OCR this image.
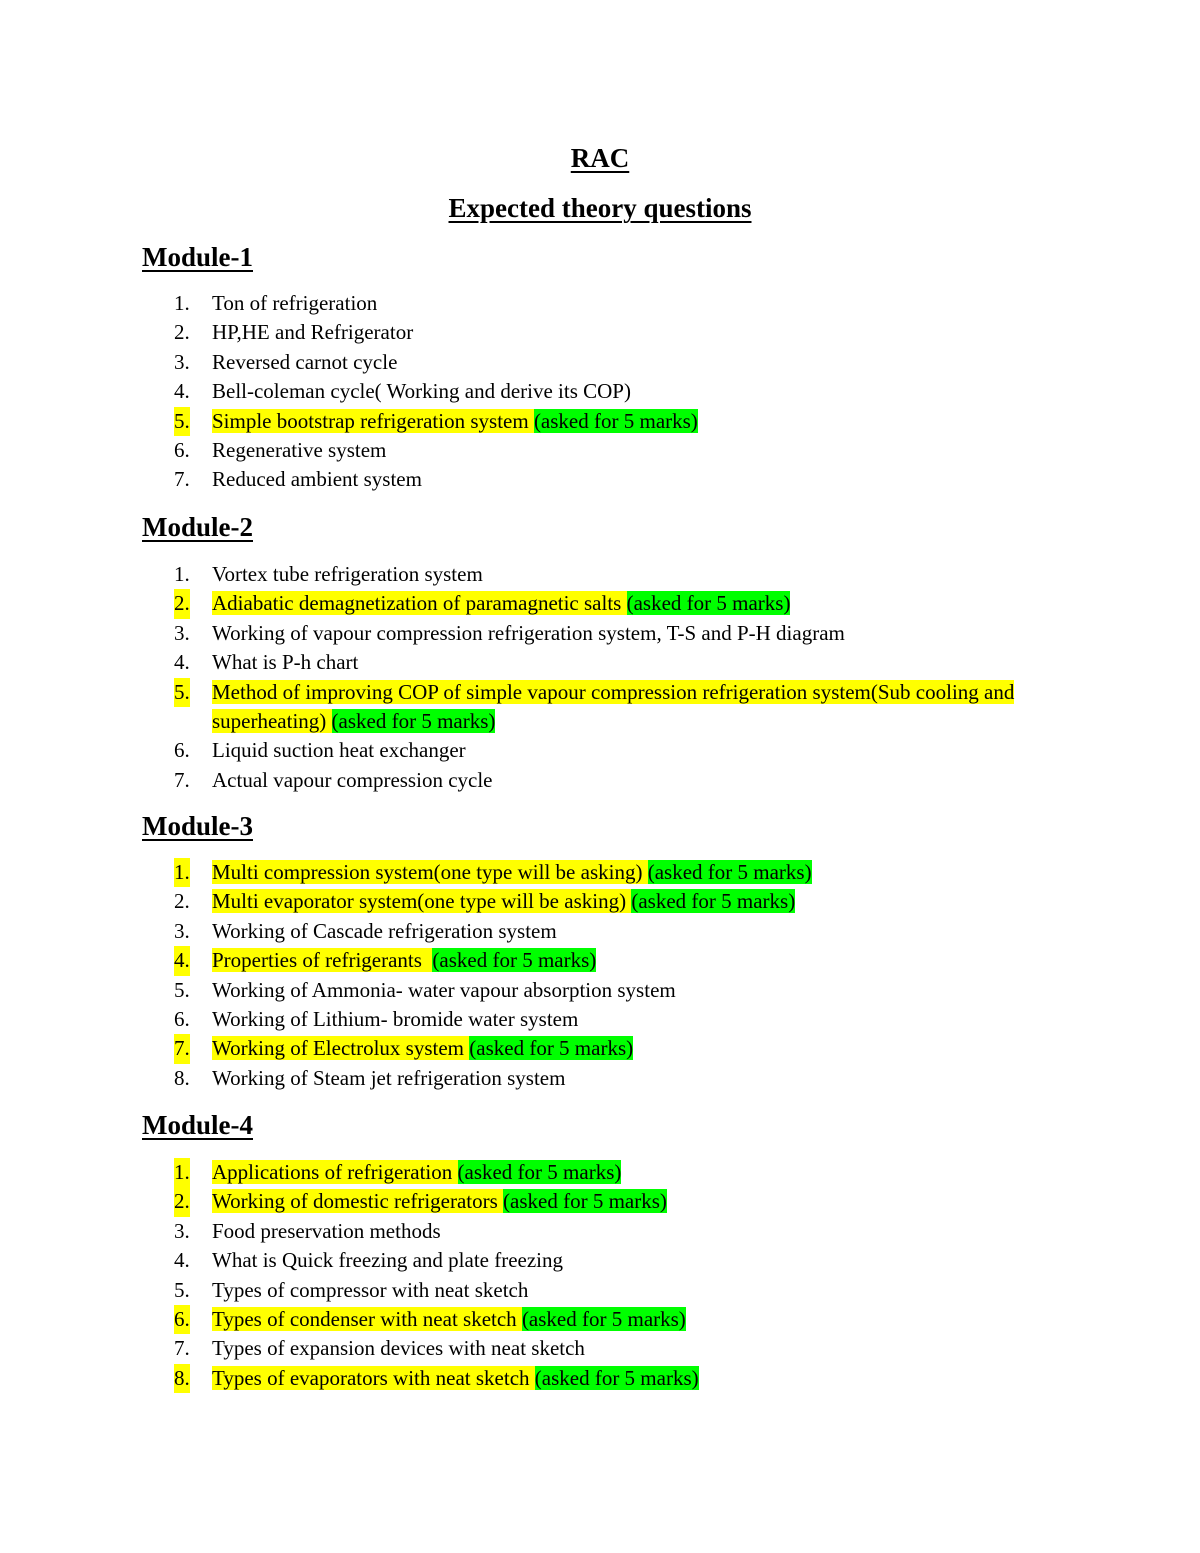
RAC
Expected theory questions
Module-1
1. Ton of refrigeration
2. HP,HE and Refrigerator
3. Reversed carnot cycle
4. Bell-coleman cycle( Working and derive its COP)
5. Simple bootstrap refrigeration system (asked for 5 marks)
6. Regenerative system
7. Reduced ambient system
Module-2
1. Vortex tube refrigeration system
2. Adiabatic demagnetization of paramagnetic salts (asked for 5 marks)
3. Working of vapour compression refrigeration system, T-S and P-H diagram
4. What is P-h chart
5. Method of improving COP of simple vapour compression refrigeration system(Sub cooling and superheating) (asked for 5 marks)
6. Liquid suction heat exchanger
7. Actual vapour compression cycle
Module-3
1. Multi compression system(one type will be asking) (asked for 5 marks)
2. Multi evaporator system(one type will be asking) (asked for 5 marks)
3. Working of Cascade refrigeration system
4. Properties of refrigerants (asked for 5 marks)
5. Working of Ammonia- water vapour absorption system
6. Working of Lithium- bromide water system
7. Working of Electrolux system (asked for 5 marks)
8. Working of Steam jet refrigeration system
Module-4
1. Applications of refrigeration (asked for 5 marks)
2. Working of domestic refrigerators (asked for 5 marks)
3. Food preservation methods
4. What is Quick freezing and plate freezing
5. Types of compressor with neat sketch
6. Types of condenser with neat sketch (asked for 5 marks)
7. Types of expansion devices with neat sketch
8. Types of evaporators with neat sketch (asked for 5 marks)
